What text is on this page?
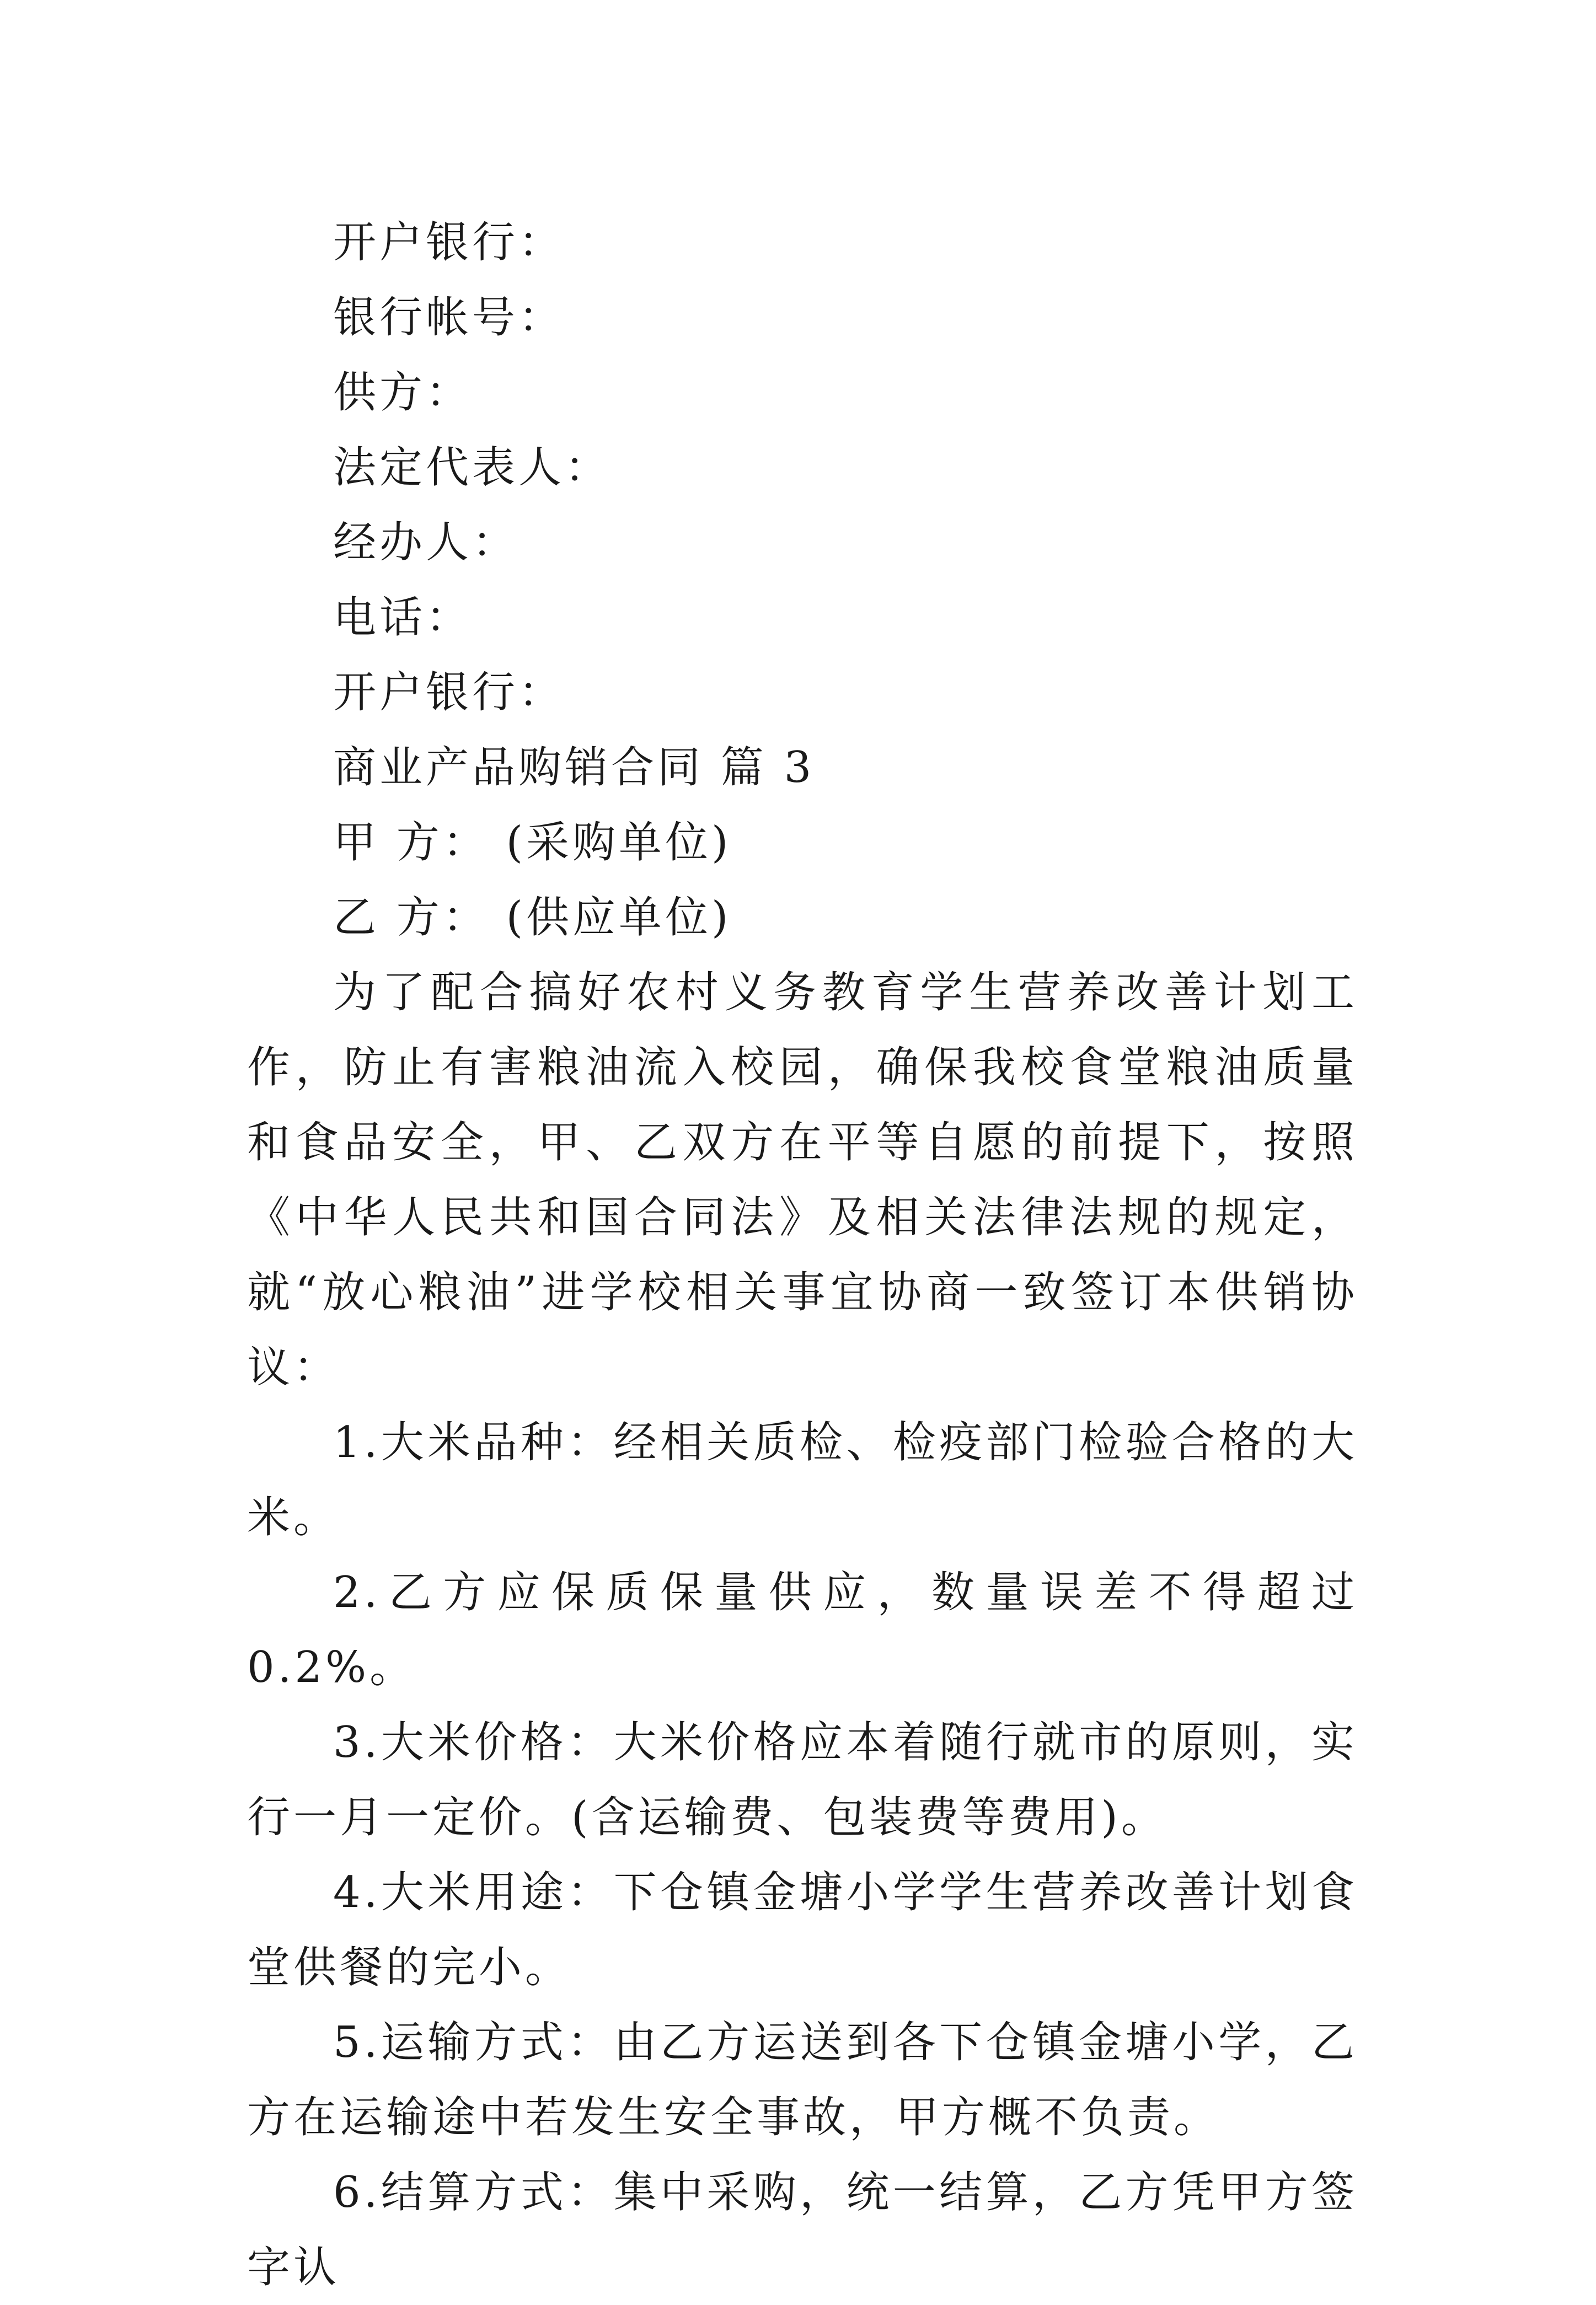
开户银行：
银行帐号：
供方：
法定代表人：
经办人：
电话：
开户银行：
商业产品购销合同 篇 3
甲 方： (采购单位)
乙 方： (供应单位)
为了配合搞好农村义务教育学生营养改善计划工作，防止有害粮油流入校园，确保我校食堂粮油质量和食品安全，甲、乙双方在平等自愿的前提下，按照《中华人民共和国合同法》及相关法律法规的规定，就“放心粮油”进学校相关事宜协商一致签订本供销协议：
1.大米品种：经相关质检、检疫部门检验合格的大米。
2.乙方应保质保量供应，数量误差不得超过 0.2%。
3.大米价格：大米价格应本着随行就市的原则，实行一月一定价。(含运输费、包装费等费用)。
4.大米用途：下仓镇金塘小学学生营养改善计划食堂供餐的完小。
5.运输方式：由乙方运送到各下仓镇金塘小学，乙方在运输途中若发生安全事故，甲方概不负责。
6.结算方式：集中采购，统一结算，乙方凭甲方签字认
